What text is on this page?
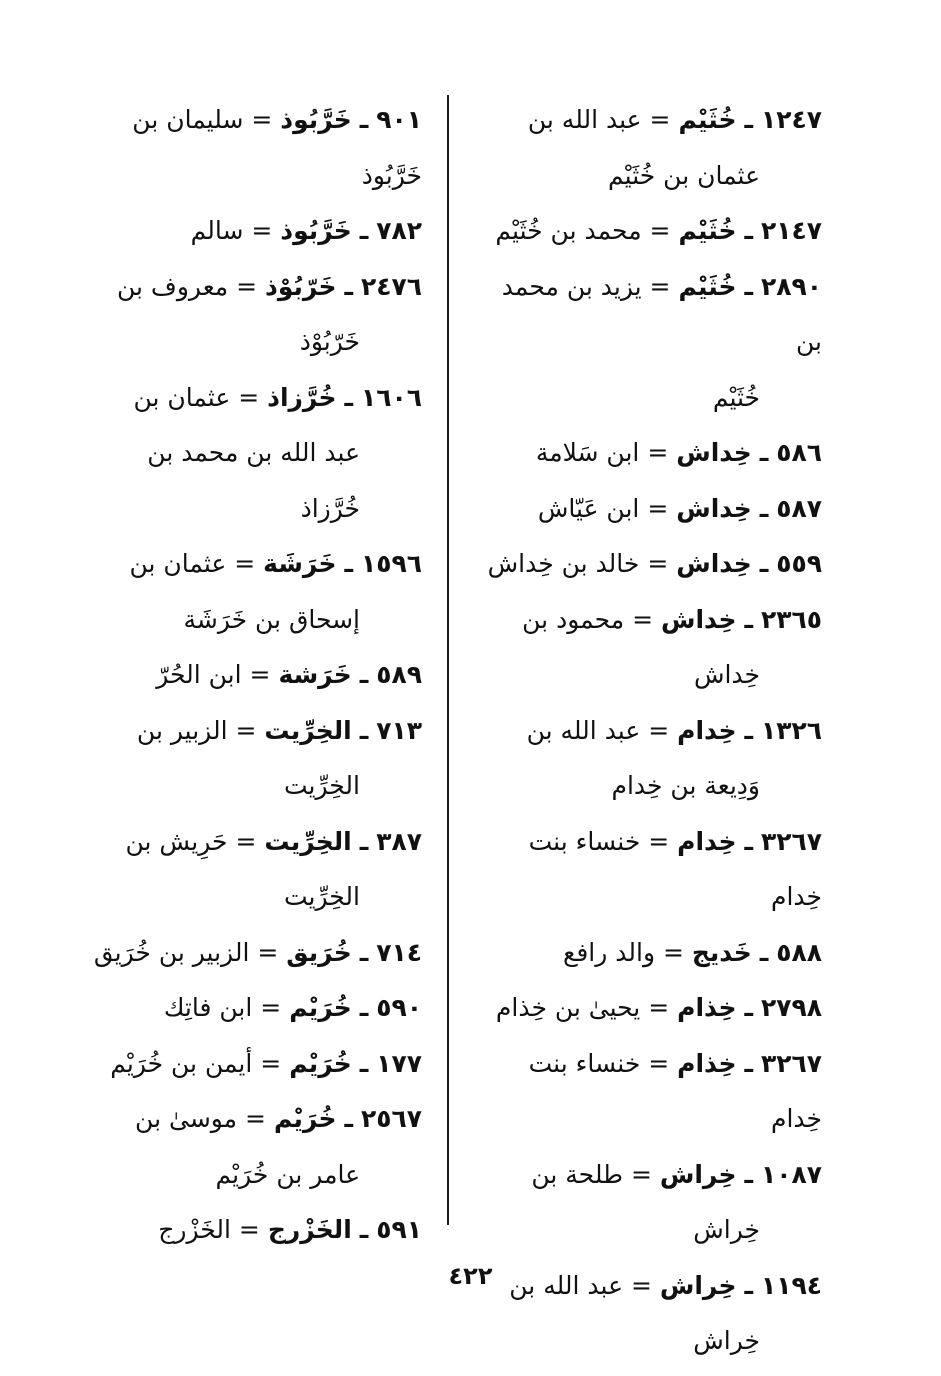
١٢٤٧ ـ خُثَيْم = عبد الله بن
عثمان بن خُثَيْم

٢١٤٧ ـ خُثَيْم = محمد بن خُثَيْم

٢٨٩٠ ـ خُثَيْم = يزيد بن محمد بن
خُثَيْم

٥٨٦ ـ خِداش = ابن سَلامة

٥٨٧ ـ خِداش = ابن عَيّاش

٥٥٩ ـ خِداش = خالد بن خِداش

٢٣٦٥ ـ خِداش = محمود بن
خِداش

١٣٢٦ ـ خِدام = عبد الله بن
وَدِيعة بن خِدام

٣٢٦٧ ـ خِدام = خنساء بنت خِدام

٥٨٨ ـ خَديج = والد رافع

٢٧٩٨ ـ خِذام = يحيىٰ بن خِذام

٣٢٦٧ ـ خِذام = خنساء بنت خِدام

١٠٨٧ ـ خِراش = طلحة بن
خِراش

١١٩٤ ـ خِراش = عبد الله بن
خِراش

٩٠١ ـ خَرَّبُوذ = سليمان بن خَرَّبُوذ

٧٨٢ ـ خَرَّبُوذ = سالم

٢٤٧٦ ـ خَرّبُوْذ = معروف بن
خَرّبُوْذ

١٦٠٦ ـ خُرَّزاذ = عثمان بن
عبد الله بن محمد بن
خُرَّزاذ

١٥٩٦ ـ خَرَشَة = عثمان بن
إسحاق بن خَرَشَة

٥٨٩ ـ خَرَشة = ابن الحُرّ

٧١٣ ـ الخِرِّيت = الزبير بن
الخِرِّيت

٣٨٧ ـ الخِرِّيت = حَرِيش بن
الخِرِّيت

٧١٤ ـ خُرَيق = الزبير بن خُرَيق

٥٩٠ ـ خُرَيْم = ابن فاتِك

١٧٧ ـ خُرَيْم = أيمن بن خُرَيْم

٢٥٦٧ ـ خُرَيْم = موسىٰ بن
عامر بن خُرَيْم

٥٩١ ـ الخَزْرج = الخَزْرج

٤٢٢
